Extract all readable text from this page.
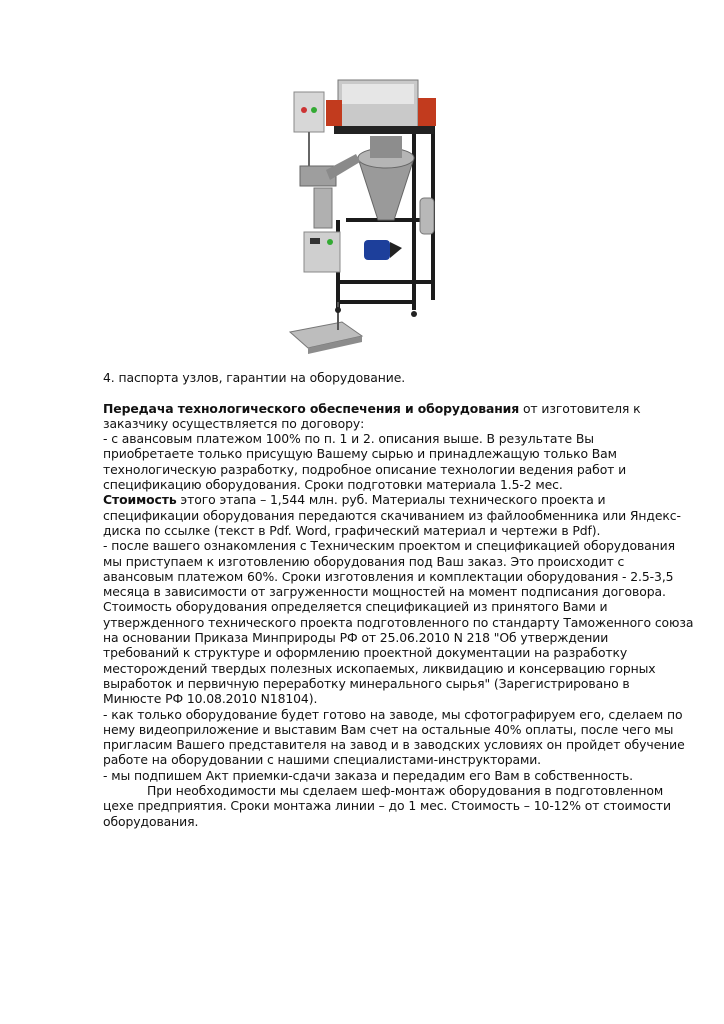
4. паспорта узлов, гарантии на оборудование.
Передача технологического обеспечения и оборудования от изготовителя к
заказчику осуществляется по договору:
- с авансовым платежом 100% по п. 1 и 2. описания выше. В результате Вы
приобретаете только присущую Вашему сырью и принадлежащую только Вам
технологическую разработку, подробное описание технологии ведения работ и
спецификацию оборудования. Сроки подготовки материала 1.5-2 мес.
Стоимость этого этапа – 1,544 млн. руб. Материалы технического проекта и
спецификации оборудования передаются скачиванием из файлообменника или Яндекс-
диска по ссылке (текст в Pdf. Word, графический материал и чертежи в Pdf).
- после вашего ознакомления с Техническим проектом и спецификацией оборудования
мы приступаем к изготовлению оборудования под Ваш заказ. Это происходит с
авансовым платежом 60%. Сроки изготовления и комплектации оборудования - 2.5-3,5
месяца в зависимости от загруженности мощностей на момент подписания договора.
Стоимость оборудования определяется спецификацией из принятого Вами и
утвержденного технического проекта подготовленного по стандарту Таможенного союза
на основании Приказа Минприроды РФ от 25.06.2010 N 218 "Об утверждении
требований к структуре и оформлению проектной документации на разработку
месторождений твердых полезных ископаемых, ликвидацию и консервацию горных
выработок и первичную переработку минерального сырья" (Зарегистрировано в
Минюсте РФ 10.08.2010 N18104).
- как только оборудование будет готово на заводе, мы сфотографируем его, сделаем по
нему видеоприложение и выставим Вам счет на остальные 40% оплаты, после чего мы
пригласим Вашего представителя на завод и в заводских условиях он пройдет обучение
работе на оборудовании с нашими специалистами-инструкторами.
- мы подпишем Акт приемки-сдачи заказа и передадим его Вам в собственность.
При необходимости мы сделаем шеф-монтаж оборудования в подготовленном
цехе предприятия. Сроки монтажа линии – до 1 мес. Стоимость – 10-12% от стоимости
оборудования.
